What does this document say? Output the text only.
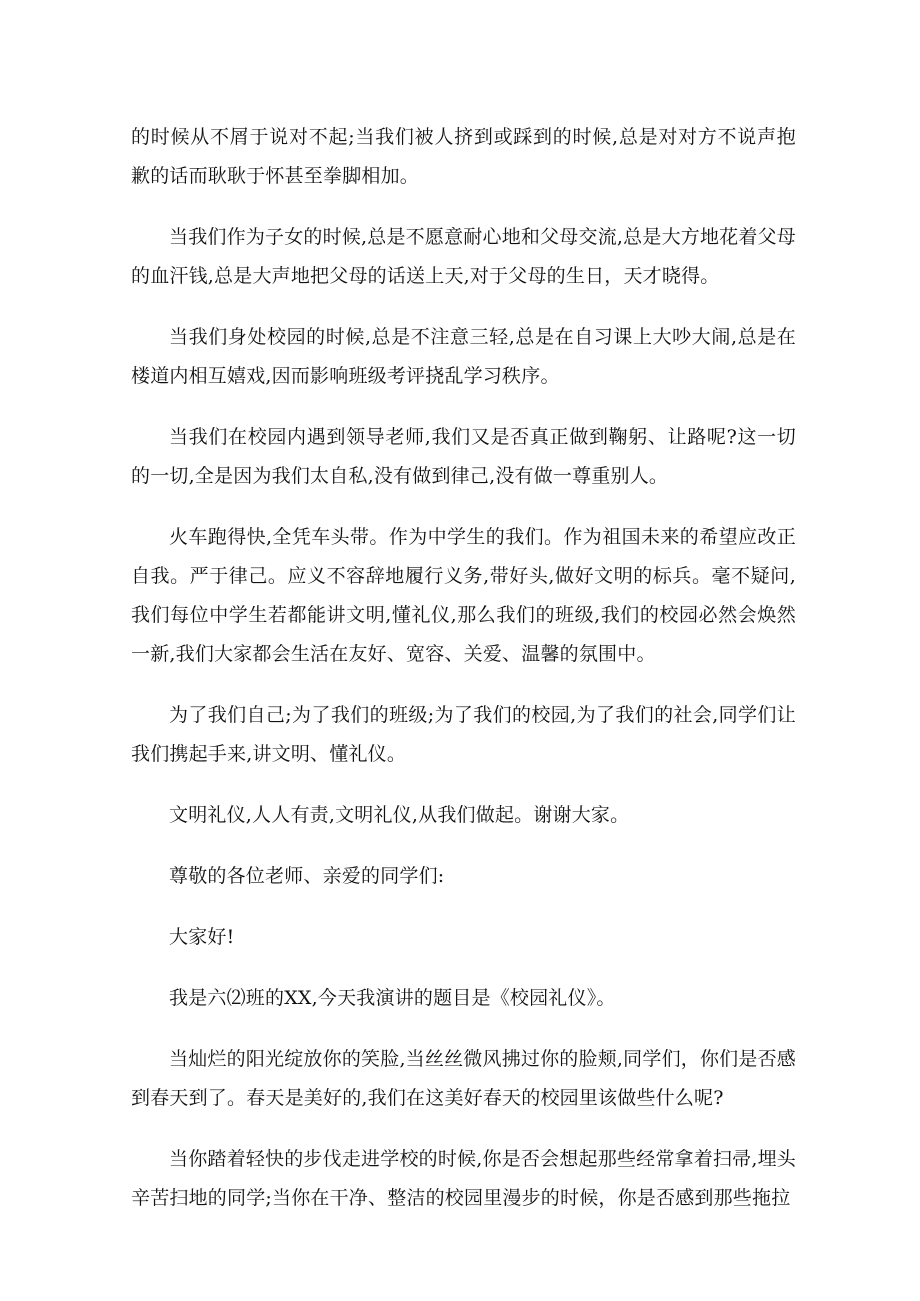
的时候从不屑于说对不起;当我们被人挤到或踩到的时候,总是对对方不说声抱歉的话而耿耿于怀甚至拳脚相加。

当我们作为子女的时候,总是不愿意耐心地和父母交流,总是大方地花着父母的血汗钱,总是大声地把父母的话送上天,对于父母的生日，天才晓得。

当我们身处校园的时候,总是不注意三轻,总是在自习课上大吵大闹,总是在楼道内相互嬉戏,因而影响班级考评挠乱学习秩序。

当我们在校园内遇到领导老师,我们又是否真正做到鞠躬、让路呢?这一切的一切,全是因为我们太自私,没有做到律己,没有做一尊重别人。

火车跑得快,全凭车头带。作为中学生的我们。作为祖国未来的希望应改正自我。严于律己。应义不容辞地履行义务,带好头,做好文明的标兵。毫不疑问,我们每位中学生若都能讲文明,懂礼仪,那么我们的班级,我们的校园必然会焕然一新,我们大家都会生活在友好、宽容、关爱、温馨的氛围中。

为了我们自己;为了我们的班级;为了我们的校园,为了我们的社会,同学们让我们携起手来,讲文明、懂礼仪。

文明礼仪,人人有责,文明礼仪,从我们做起。谢谢大家。

尊敬的各位老师、亲爱的同学们:

大家好!

我是六⑵班的XX,今天我演讲的题目是《校园礼仪》。

当灿烂的阳光绽放你的笑脸,当丝丝微风拂过你的脸颊,同学们，你们是否感到春天到了。春天是美好的,我们在这美好春天的校园里该做些什么呢?

当你踏着轻快的步伐走进学校的时候,你是否会想起那些经常拿着扫帚,埋头辛苦扫地的同学;当你在干净、整洁的校园里漫步的时候，你是否感到那些拖拉
